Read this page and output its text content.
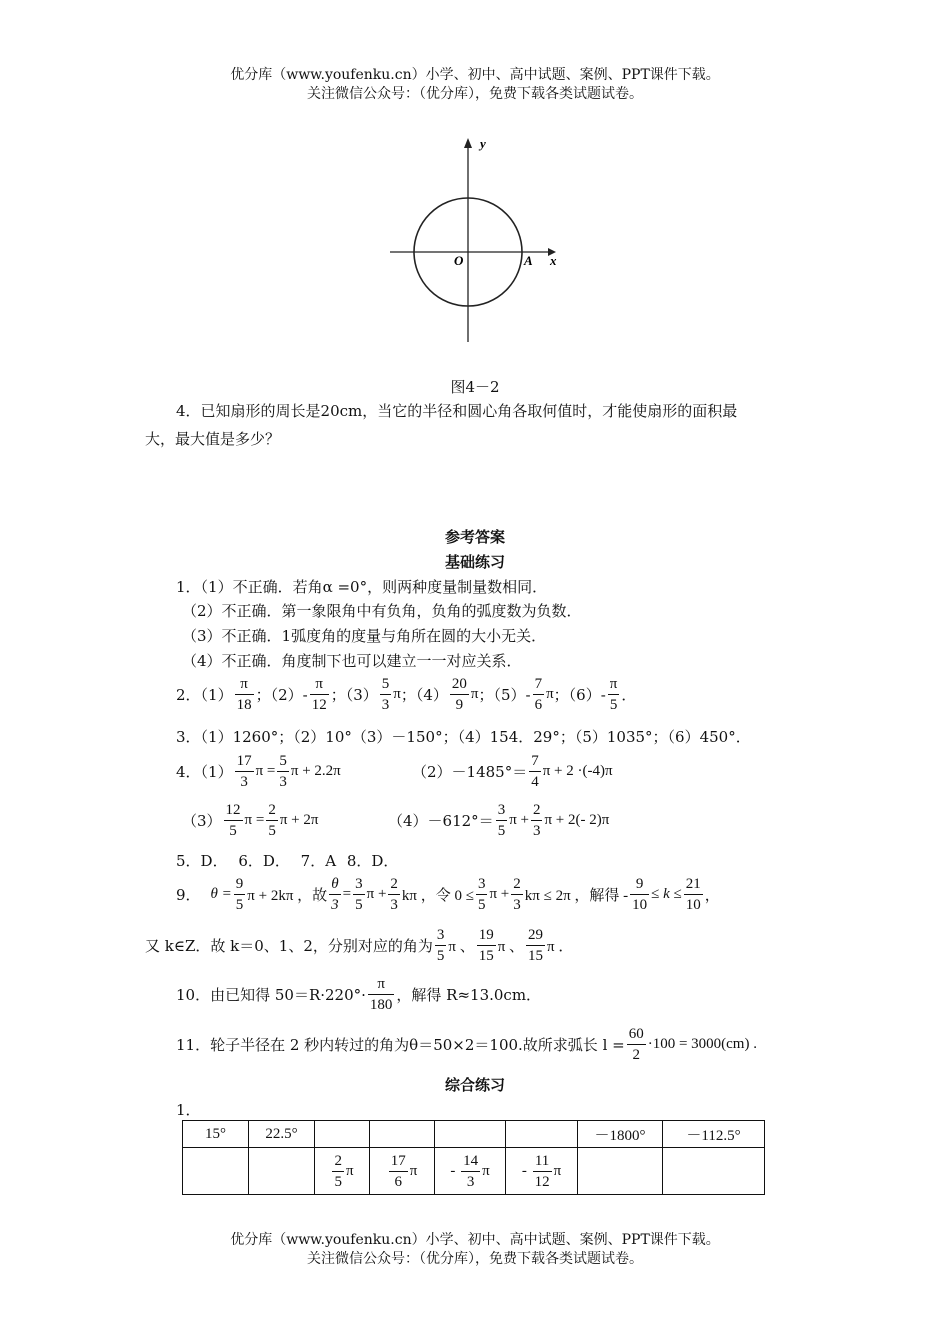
优分库（www.youfenku.cn）小学、初中、高中试题、案例、PPT课件下载。
关注微信公众号：（优分库），免费下载各类试题试卷。
y
x
O	A
图4－2
4．已知扇形的周长是20cm，当它的半径和圆心角各取何值时，才能使扇形的面积最
大，最大值是多少？
参考答案
基础练习
1．（1）不正确．若角α =0°，则两种度量制量数相同．
（2）不正确．第一象限角中有负角，负角的弧度数为负数．
（3）不正确．1弧度角的度量与角所在圆的大小无关．
（4）不正确．角度制下也可以建立一一对应关系．
2．$(1) \frac{\pi}{18}$ ；$(2)- \frac{\pi}{12}$ ；$(3) \frac{5}{3}$ π ；$(4) \frac{20}{9}$ π ；$(5)- \frac{7}{6}$ π ；$(6)- \frac{\pi}{5}$ ．
3．（1）1260°；（2）10°（3）－150°；（4）154．29°；（5）1035°；（6）450°．
4．$(1) \frac{17}{3}$ $\pi = \frac{5}{3}$ π + 2.2π	$(2)-1485^\circ= \frac{7}{4}$ π + 2 ·(-4)π
$(3) \frac{12}{5}$ $\pi = \frac{2}{5}$ π + 2π	$(4)-612^\circ= \frac{3}{5}$ $\pi + \frac{2}{3}$ π + 2(- 2)π
5．D． 6．D． 7．A 8．D．
9． $\theta = \frac{9}{5}$ π + 2kπ ，故 $\frac{\theta}{3} = \frac{3}{5}$ $\pi + \frac{2}{3}$ kπ ，令 $0 \le \frac{3}{5}$ $\pi + \frac{2}{3}$ kπ ≤ 2π ，解得 - $\frac{9}{10} \le k \le \frac{21}{10}$ ，
又 k∈Z．故 k＝0、1、2，分别对应的角为 $\frac{3}{5}$ π 、 $\frac{19}{15}$ π 、 $\frac{29}{15}$ π ．
10．由已知得 $50=R\cdot 220^\circ\cdot \frac{\pi}{180}$ ，解得 R≈13.0cm．
11．轮子半径在 2 秒内转过的角为θ＝50×2＝100.故所求弧长 $l = \frac{60}{2} \cdot 100 = 3000(cm)$ .
综合练习
1．
15°	22.5°					－1800°	－112.5°

		$\frac{2}{5}$ π	$\frac{17}{6}$ π	- $\frac{14}{3}$ π	- $\frac{11}{12}$ π		
优分库（www.youfenku.cn）小学、初中、高中试题、案例、PPT课件下载。
关注微信公众号：（优分库），免费下载各类试题试卷。
